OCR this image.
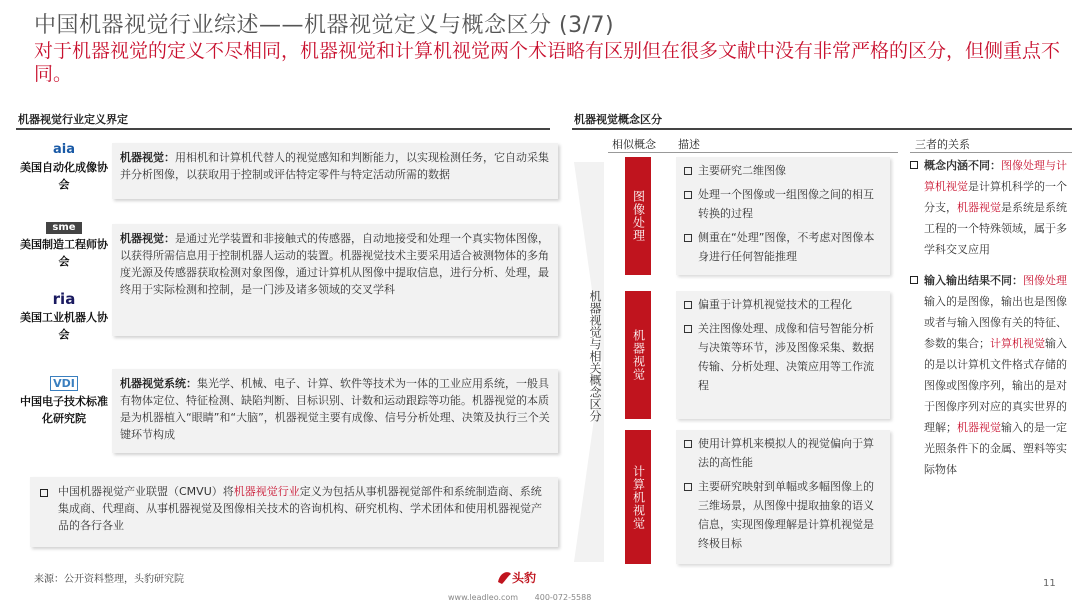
中国机器视觉行业综述——机器视觉定义与概念区分 (3/7)
对于机器视觉的定义不尽相同，机器视觉和计算机视觉两个术语略有区别但在很多文献中没有非常严格的区分，但侧重点不同。
机器视觉行业定义界定
aia
美国自动化成像协会
机器视觉：用相机和计算机代替人的视觉感知和判断能力，以实现检测任务，它自动采集并分析图像，以获取用于控制或评估特定零件与特定活动所需的数据
sme
美国制造工程师协会
ria
美国工业机器人协会
机器视觉：是通过光学装置和非接触式的传感器，自动地接受和处理一个真实物体图像，以获得所需信息用于控制机器人运动的装置。机器视觉技术主要采用适合被测物体的多角度光源及传感器获取检测对象图像，通过计算机从图像中提取信息，进行分析、处理，最终用于实际检测和控制，是一门涉及诸多领域的交叉学科
VDI
中国电子技术标准化研究院
机器视觉系统：集光学、机械、电子、计算、软件等技术为一体的工业应用系统，一般具有物体定位、特征检测、缺陷判断、目标识别、计数和运动跟踪等功能。机器视觉的本质是为机器植入“眼睛”和“大脑”，机器视觉主要有成像、信号分析处理、决策及执行三个关键环节构成
中国机器视觉产业联盟（CMVU）将机器视觉行业定义为包括从事机器视觉部件和系统制造商、系统集成商、代理商、从事机器视觉及图像相关技术的咨询机构、研究机构、学术团体和使用机器视觉产品的各行各业
来源：公开资料整理，头豹研究院
机器视觉概念区分
相似概念 描述	三者的关系
机器视觉与相关概念区分
图像处理
主要研究二维图像
处理一个图像或一组图像之间的相互转换的过程
侧重在“处理”图像，不考虑对图像本身进行任何智能推理
机器视觉
偏重于计算机视觉技术的工程化
关注图像处理、成像和信号智能分析与决策等环节，涉及图像采集、数据传输、分析处理、决策应用等工作流程
计算机视觉
使用计算机来模拟人的视觉偏向于算法的高性能
主要研究映射到单幅或多幅图像上的三维场景，从图像中提取抽象的语义信息，实现图像理解是计算机视觉是终极目标
概念内涵不同：图像处理与计算机视觉是计算机科学的一个分支，机器视觉是系统是系统工程的一个特殊领域，属于多学科交叉应用
输入输出结果不同：图像处理输入的是图像，输出也是图像或者与输入图像有关的特征、参数的集合；计算机视觉输入的是以计算机文件格式存储的图像或图像序列，输出的是对于图像序列对应的真实世界的理解；机器视觉输入的是一定光照条件下的金属、塑料等实际物体
头豹
www.leadleo.com 400-072-5588
11
